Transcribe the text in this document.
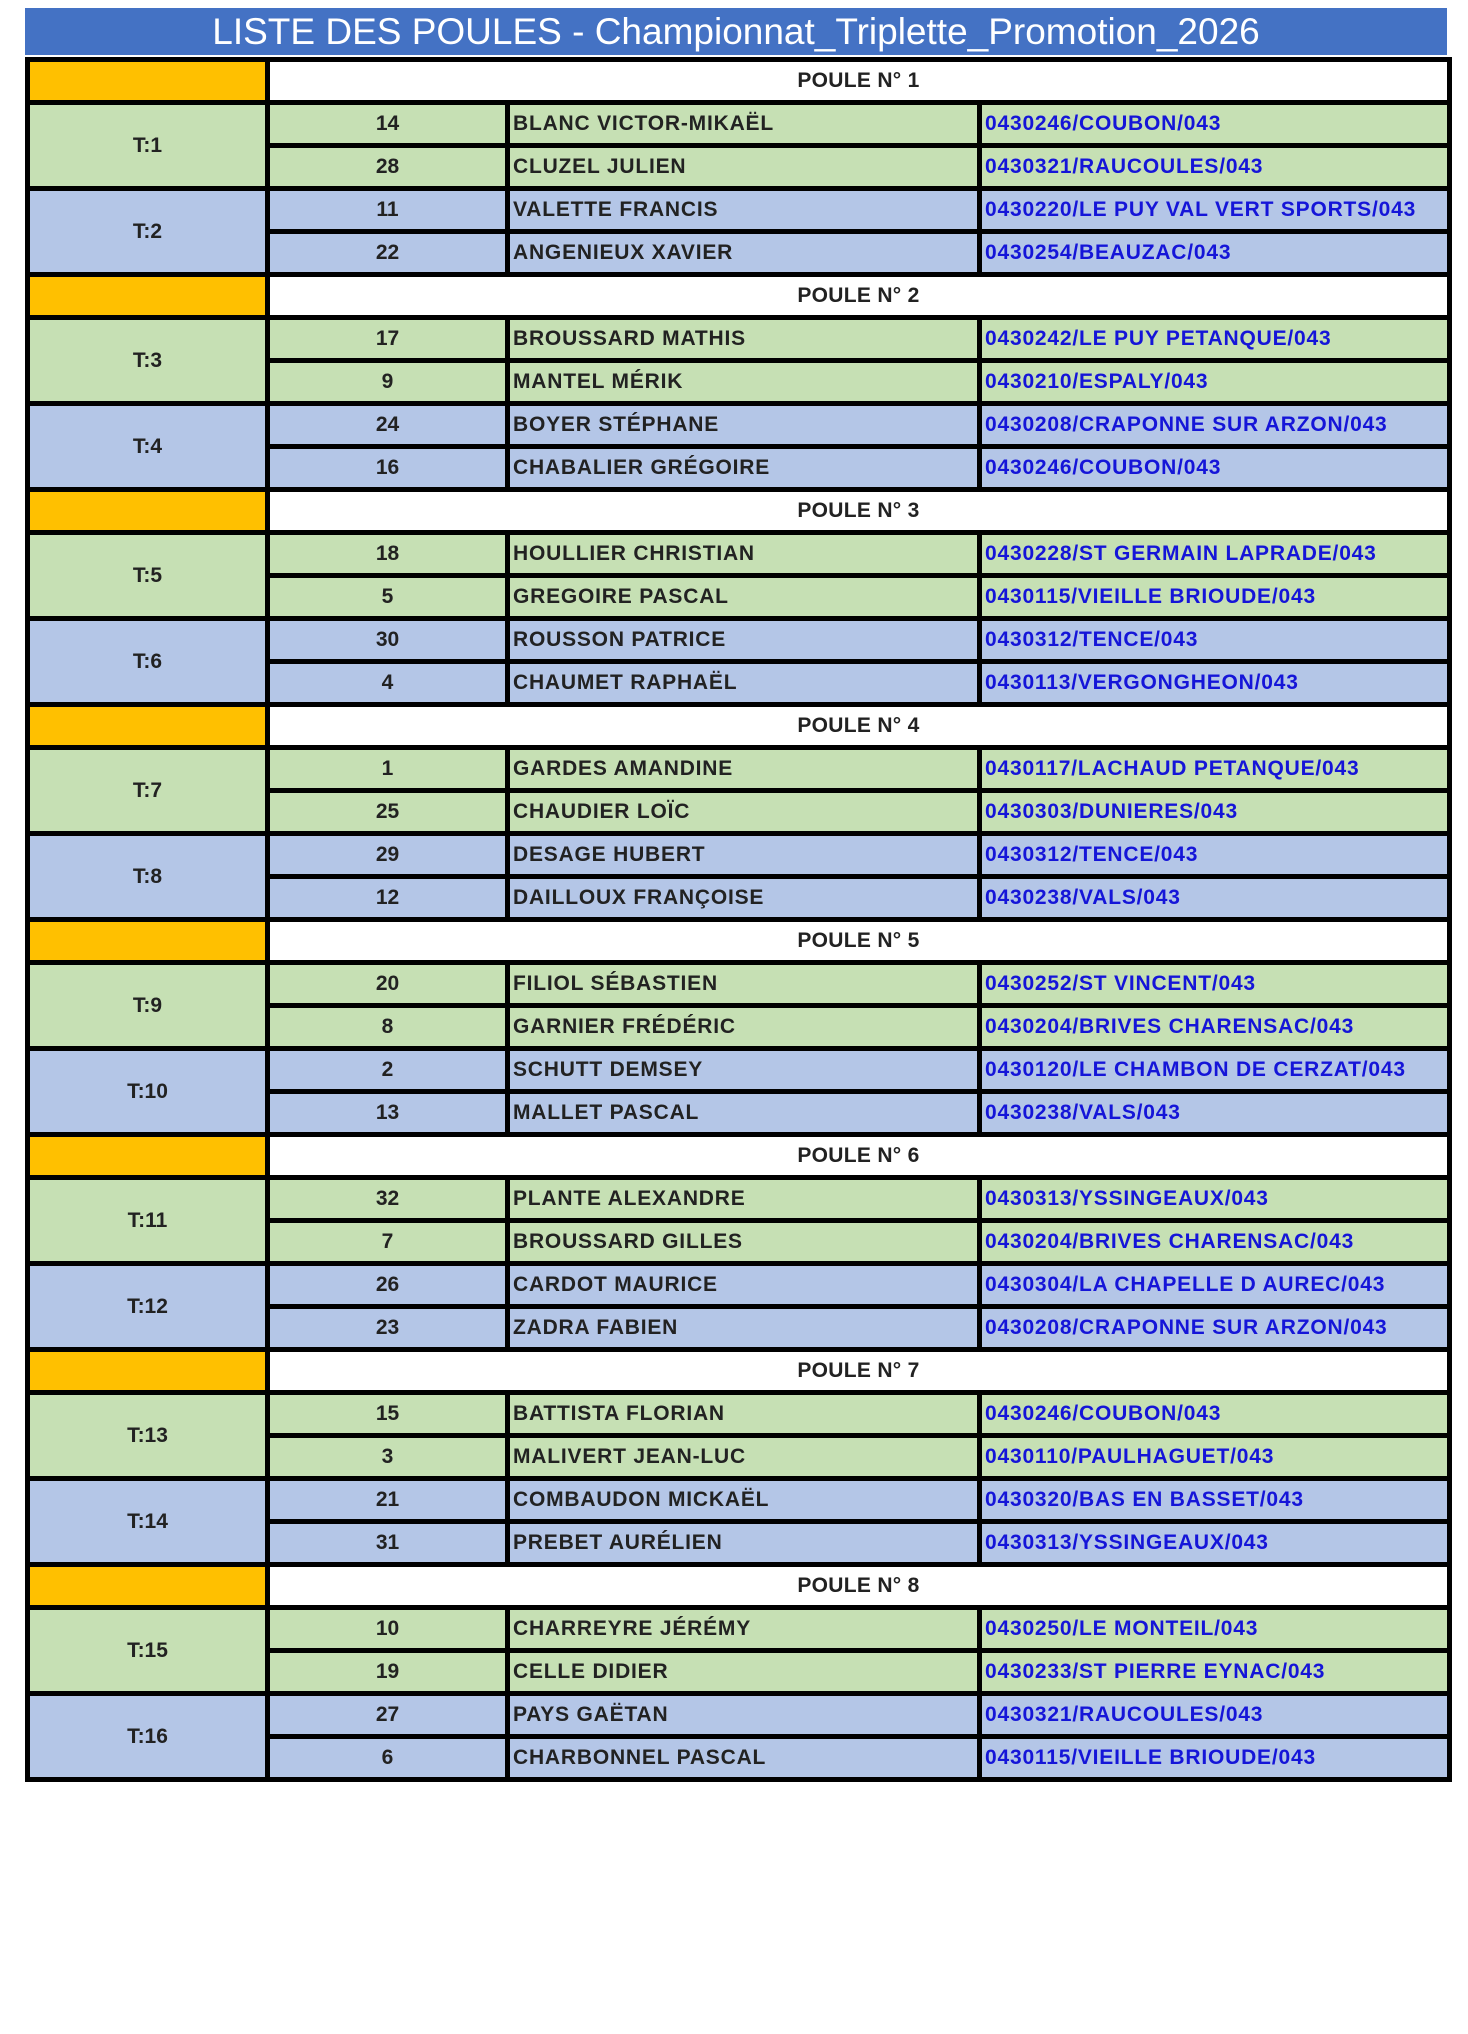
LISTE DES POULES - Championnat_Triplette_Promotion_2026
	POULE N° 1		
T:1	14	BLANC VICTOR-MIKAËL	0430246/COUBON/043
	28	CLUZEL JULIEN	0430321/RAUCOULES/043
T:2	11	VALETTE FRANCIS	0430220/LE PUY VAL VERT SPORTS/043
	22	ANGENIEUX XAVIER	0430254/BEAUZAC/043
	POULE N° 2		
T:3	17	BROUSSARD MATHIS	0430242/LE PUY PETANQUE/043
	9	MANTEL MÉRIK	0430210/ESPALY/043
T:4	24	BOYER STÉPHANE	0430208/CRAPONNE SUR ARZON/043
	16	CHABALIER GRÉGOIRE	0430246/COUBON/043
	POULE N° 3		
T:5	18	HOULLIER CHRISTIAN	0430228/ST GERMAIN LAPRADE/043
	5	GREGOIRE PASCAL	0430115/VIEILLE BRIOUDE/043
T:6	30	ROUSSON PATRICE	0430312/TENCE/043
	4	CHAUMET RAPHAËL	0430113/VERGONGHEON/043
	POULE N° 4		
T:7	1	GARDES AMANDINE	0430117/LACHAUD PETANQUE/043
	25	CHAUDIER LOÏC	0430303/DUNIERES/043
T:8	29	DESAGE HUBERT	0430312/TENCE/043
	12	DAILLOUX FRANÇOISE	0430238/VALS/043
	POULE N° 5		
T:9	20	FILIOL SÉBASTIEN	0430252/ST VINCENT/043
	8	GARNIER FRÉDÉRIC	0430204/BRIVES CHARENSAC/043
T:10	2	SCHUTT DEMSEY	0430120/LE CHAMBON DE CERZAT/043
	13	MALLET PASCAL	0430238/VALS/043
	POULE N° 6		
T:11	32	PLANTE ALEXANDRE	0430313/YSSINGEAUX/043
	7	BROUSSARD GILLES	0430204/BRIVES CHARENSAC/043
T:12	26	CARDOT MAURICE	0430304/LA CHAPELLE D AUREC/043
	23	ZADRA FABIEN	0430208/CRAPONNE SUR ARZON/043
	POULE N° 7		
T:13	15	BATTISTA FLORIAN	0430246/COUBON/043
	3	MALIVERT JEAN-LUC	0430110/PAULHAGUET/043
T:14	21	COMBAUDON MICKAËL	0430320/BAS EN BASSET/043
	31	PREBET AURÉLIEN	0430313/YSSINGEAUX/043
	POULE N° 8		
T:15	10	CHARREYRE JÉRÉMY	0430250/LE MONTEIL/043
	19	CELLE DIDIER	0430233/ST PIERRE EYNAC/043
T:16	27	PAYS GAËTAN	0430321/RAUCOULES/043
	6	CHARBONNEL PASCAL	0430115/VIEILLE BRIOUDE/043
